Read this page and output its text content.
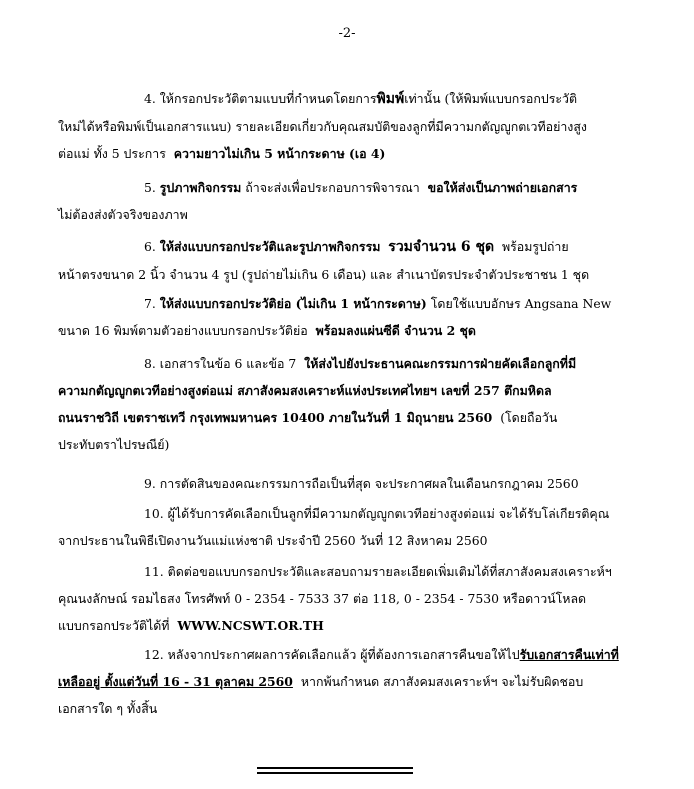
-2-
4. ให้กรอกประวัติตามแบบที่กำหนดโดยการพิมพ์เท่านั้น (ให้พิมพ์แบบกรอกประวัติ
ใหม่ได้หรือพิมพ์เป็นเอกสารแนบ) รายละเอียดเกี่ยวกับคุณสมบัติของลูกที่มีความกตัญญูกตเวทีอย่างสูง
ต่อแม่ ทั้ง 5 ประการ ความยาวไม่เกิน 5 หน้ากระดาษ (เอ 4)
5. รูปภาพกิจกรรม ถ้าจะส่งเพื่อประกอบการพิจารณา ขอให้ส่งเป็นภาพถ่ายเอกสาร
ไม่ต้องส่งตัวจริงของภาพ
6. ให้ส่งแบบกรอกประวัติและรูปภาพกิจกรรม รวมจำนวน 6 ชุด พร้อมรูปถ่าย
หน้าตรงขนาด 2 นิ้ว จำนวน 4 รูป (รูปถ่ายไม่เกิน 6 เดือน) และ สำเนาบัตรประจำตัวประชาชน 1 ชุด
7. ให้ส่งแบบกรอกประวัติย่อ (ไม่เกิน 1 หน้ากระดาษ) โดยใช้แบบอักษร Angsana New
ขนาด 16 พิมพ์ตามตัวอย่างแบบกรอกประวัติย่อ พร้อมลงแผ่นซีดี จำนวน 2 ชุด
8. เอกสารในข้อ 6 และข้อ 7 ให้ส่งไปยังประธานคณะกรรมการฝ่ายคัดเลือกลูกที่มี
ความกตัญญูกตเวทีอย่างสูงต่อแม่ สภาสังคมสงเคราะห์แห่งประเทศไทยฯ เลขที่ 257 ตึกมหิดล
ถนนราชวิถี เขตราชเทวี กรุงเทพมหานคร 10400 ภายในวันที่ 1 มิถุนายน 2560 (โดยถือวัน
ประทับตราไปรษณีย์)
9. การตัดสินของคณะกรรมการถือเป็นที่สุด จะประกาศผลในเดือนกรกฎาคม 2560
10. ผู้ได้รับการคัดเลือกเป็นลูกที่มีความกตัญญูกตเวทีอย่างสูงต่อแม่ จะได้รับโล่เกียรติคุณ
จากประธานในพิธีเปิดงานวันแม่แห่งชาติ ประจำปี 2560 วันที่ 12 สิงหาคม 2560
11. ติดต่อขอแบบกรอกประวัติและสอบถามรายละเอียดเพิ่มเติมได้ที่สภาสังคมสงเคราะห์ฯ
คุณนงลักษณ์ รอมไธสง โทรศัพท์ 0 - 2354 - 7533 37 ต่อ 118, 0 - 2354 - 7530 หรือดาวน์โหลด
แบบกรอกประวัติได้ที่ WWW.NCSWT.OR.TH
12. หลังจากประกาศผลการคัดเลือกแล้ว ผู้ที่ต้องการเอกสารคืนขอให้ไปรับเอกสารคืนเท่าที่
เหลืออยู่ ตั้งแต่วันที่ 16 - 31 ตุลาคม 2560 หากพ้นกำหนด สภาสังคมสงเคราะห์ฯ จะไม่รับผิดชอบ
เอกสารใด ๆ ทั้งสิ้น
